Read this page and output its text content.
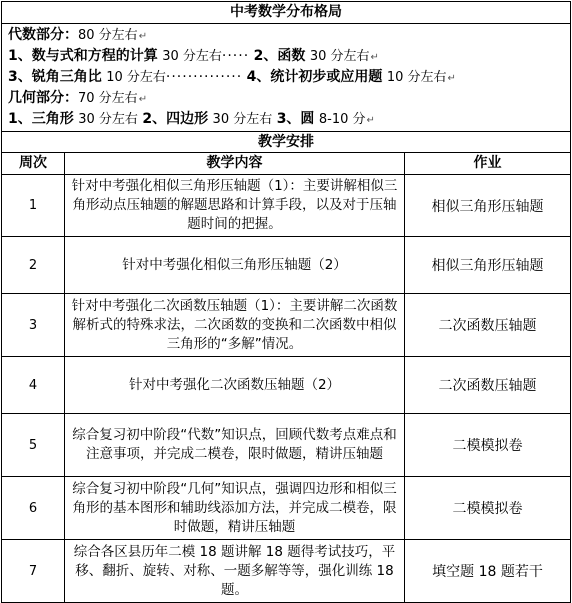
中考数学分布格局		

代数部分：80 分左右↵
1、数与式和方程的计算 30 分左右····· 2、函数 30 分左右↵
3、锐角三角比 10 分左右·············· 4、统计初步或应用题 10 分左右↵
几何部分：70 分左右↵
1、三角形 30 分左右 2、四边形 30 分左右 3、圆 8-10 分↵		

教学安排		
周次	教学内容	作业
1	针对中考强化相似三角形压轴题（1）：主要讲解相似三角形动点压轴题的解题思路和计算手段，以及对于压轴题时间的把握。	相似三角形压轴题
2	针对中考强化相似三角形压轴题（2）	相似三角形压轴题
3	针对中考强化二次函数压轴题（1）：主要讲解二次函数解析式的特殊求法，二次函数的变换和二次函数中相似三角形的“多解”情况。	二次函数压轴题
4	针对中考强化二次函数压轴题（2）	二次函数压轴题
5	综合复习初中阶段“代数”知识点，回顾代数考点难点和注意事项，并完成二模卷，限时做题，精讲压轴题	二模模拟卷
6	综合复习初中阶段“几何”知识点，强调四边形和相似三角形的基本图形和辅助线添加方法，并完成二模卷，限时做题，精讲压轴题	二模模拟卷
7	综合各区县历年二模 18 题讲解 18 题得考试技巧，平移、翻折、旋转、对称、一题多解等等，强化训练 18 题。	填空题 18 题若干
